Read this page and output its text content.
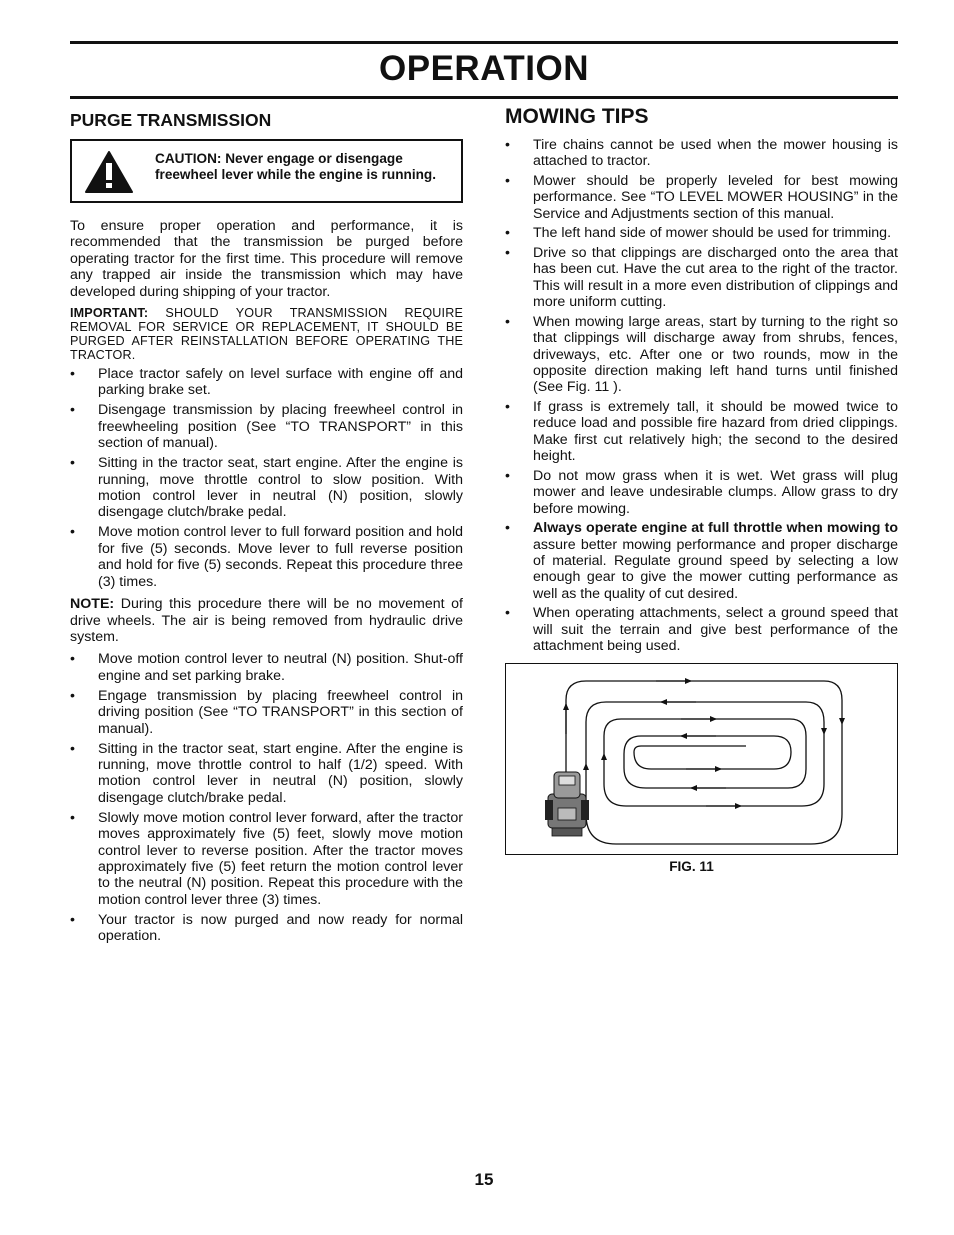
OPERATION
PURGE TRANSMISSION
CAUTION: Never engage or disengage freewheel lever while the engine is running.

To ensure proper operation and performance, it is recommended that the transmission be purged before operating tractor for the first time. This procedure will remove any trapped air inside the transmission which may have developed during shipping of your tractor.

IMPORTANT: SHOULD YOUR TRANSMISSION REQUIRE REMOVAL FOR SERVICE OR REPLACEMENT, IT SHOULD BE PURGED AFTER REINSTALLATION BEFORE OPERATING THE TRACTOR.

• Place tractor safely on level surface with engine off and parking brake set.
• Disengage transmission by placing freewheel control in freewheeling position (See “TO TRANSPORT” in this section of manual).
• Sitting in the tractor seat, start engine. After the engine is running, move throttle control to slow position. With motion control lever in neutral (N) position, slowly disengage clutch/brake pedal.
• Move motion control lever to full forward position and hold for five (5) seconds. Move lever to full reverse position and hold for five (5) seconds. Repeat this procedure three (3) times.

NOTE: During this procedure there will be no movement of drive wheels. The air is being removed from hydraulic drive system.

• Move motion control lever to neutral (N) position. Shut-off engine and set parking brake.
• Engage transmission by placing freewheel control in driving position (See “TO TRANSPORT” in this section of manual).
• Sitting in the tractor seat, start engine. After the engine is running, move throttle control to half (1/2) speed. With motion control lever in neutral (N) position, slowly disengage clutch/brake pedal.
• Slowly move motion control lever forward, after the tractor moves approximately five (5) feet, slowly move motion control lever to reverse position. After the tractor moves approximately five (5) feet return the motion control lever to the neutral (N) position. Repeat this procedure with the motion control lever three (3) times.
• Your tractor is now purged and now ready for normal operation.
MOWING TIPS
• Tire chains cannot be used when the mower housing is attached to tractor.
• Mower should be properly leveled for best mowing performance. See “TO LEVEL MOWER HOUSING” in the Service and Adjustments section of this manual.
• The left hand side of mower should be used for trimming.
• Drive so that clippings are discharged onto the area that has been cut. Have the cut area to the right of the tractor. This will result in a more even distribution of clippings and more uniform cutting.
• When mowing large areas, start by turning to the right so that clippings will discharge away from shrubs, fences, driveways, etc. After one or two rounds, mow in the opposite direction making left hand turns until finished (See Fig. 11 ).
• If grass is extremely tall, it should be mowed twice to reduce load and possible fire hazard from dried clippings. Make first cut relatively high; the second to the desired height.
• Do not mow grass when it is wet. Wet grass will plug mower and leave undesirable clumps. Allow grass to dry before mowing.
• Always operate engine at full throttle when mowing to assure better mowing performance and proper discharge of material. Regulate ground speed by selecting a low enough gear to give the mower cutting performance as well as the quality of cut desired.
• When operating attachments, select a ground speed that will suit the terrain and give best performance of the attachment being used.
FIG. 11
15
